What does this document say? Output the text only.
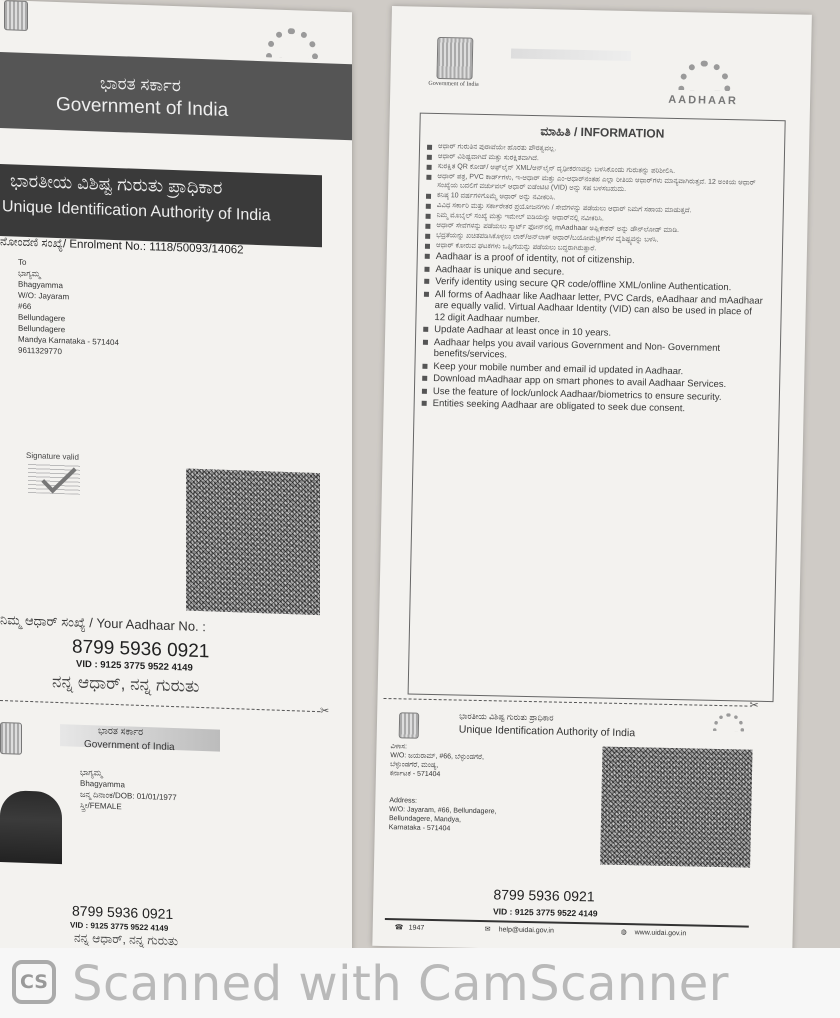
ಭಾರತ ಸರ್ಕಾರ
Government of India
ಭಾರತೀಯ ವಿಶಿಷ್ಟ ಗುರುತು ಪ್ರಾಧಿಕಾರ
Unique Identification Authority of India
ನೋಂದಣಿ ಸಂಖ್ಯೆ/ Enrolment No.: 1118/50093/14062
To
ಭಾಗ್ಯಮ್ಮ
Bhagyamma
W/O: Jayaram
#66
Bellundagere
Bellundagere
Mandya Karnataka - 571404
9611329770
Signature valid
ನಿಮ್ಮ ಆಧಾರ್ ಸಂಖ್ಯೆ / Your Aadhaar No. :
8799 5936 0921
VID : 9125 3775 9522 4149
ನನ್ನ ಆಧಾರ್, ನನ್ನ ಗುರುತು
✂
ಭಾರತ ಸರ್ಕಾರ
Government of India
ಭಾಗ್ಯಮ್ಮ
Bhagyamma
ಜನ್ಮ ದಿನಾಂಕ/DOB: 01/01/1977
ಸ್ತ್ರೀ/FEMALE
8799 5936 0921
VID : 9125 3775 9522 4149
ನನ್ನ ಆಧಾರ್, ನನ್ನ ಗುರುತು
Government of India
AADHAAR
ಮಾಹಿತಿ / INFORMATION
ಆಧಾರ್ ಗುರುತಿನ ಪುರಾವೆಯೇ ಹೊರತು ಪೌರತ್ವವಲ್ಲ.
ಆಧಾರ್ ವಿಶಿಷ್ಟವಾಗಿದೆ ಮತ್ತು ಸುರಕ್ಷಿತವಾಗಿದೆ.
ಸುರಕ್ಷಿತ QR ಕೋಡ್/ ಆಫ್‌ಲೈನ್ XML/ಆನ್‌ಲೈನ್ ದೃಢೀಕರಣವನ್ನು ಬಳಸಿಕೊಂಡು ಗುರುತನ್ನು ಪರಿಶೀಲಿಸಿ.
ಆಧಾರ್ ಪತ್ರ, PVC ಕಾರ್ಡ್‌ಗಳು, ಇ-ಆಧಾರ್ ಮತ್ತು ಎಂ-ಆಧಾರ್‌ನಂತಹ ಎಲ್ಲಾ ರೀತಿಯ ಆಧಾರ್‌ಗಳು ಮಾನ್ಯವಾಗಿರುತ್ತವೆ. 12 ಅಂಕಿಯ ಆಧಾರ್ ಸಂಖ್ಯೆಯ ಬದಲಿಗೆ ವರ್ಚುವಲ್ ಆಧಾರ್ ಐಡೆಂಟಿಟಿ (VID) ಅನ್ನು ಸಹ ಬಳಸಬಹುದು.
ಕನಿಷ್ಠ 10 ವರ್ಷಗಳಿಗೊಮ್ಮೆ ಆಧಾರ್ ಅನ್ನು ನವೀಕರಿಸಿ.
ವಿವಿಧ ಸರ್ಕಾರಿ ಮತ್ತು ಸರ್ಕಾರೇತರ ಪ್ರಯೋಜನಗಳು / ಸೇವೆಗಳನ್ನು ಪಡೆಯಲು ಆಧಾರ್ ನಿಮಗೆ ಸಹಾಯ ಮಾಡುತ್ತದೆ.
ನಿಮ್ಮ ಮೊಬೈಲ್ ಸಂಖ್ಯೆ ಮತ್ತು ಇಮೇಲ್ ಐಡಿಯನ್ನು ಆಧಾರ್‌ನಲ್ಲಿ ನವೀಕರಿಸಿ.
ಆಧಾರ್ ಸೇವೆಗಳನ್ನು ಪಡೆಯಲು ಸ್ಮಾರ್ಟ್ ಫೋನ್‌ನಲ್ಲಿ mAadhaar ಅಪ್ಲಿಕೇಶನ್ ಅನ್ನು ಡೌನ್‌ಲೋಡ್ ಮಾಡಿ.
ಭದ್ರತೆಯನ್ನು ಖಚಿತಪಡಿಸಿಕೊಳ್ಳಲು ಲಾಕ್/ಅನ್‌ಲಾಕ್ ಆಧಾರ್/ಬಯೋಮೆಟ್ರಿಕ್‌ಗಳ ವೈಶಿಷ್ಟ್ಯವನ್ನು ಬಳಸಿ.
ಆಧಾರ್ ಕೋರುವ ಘಟಕಗಳು ಒಪ್ಪಿಗೆಯನ್ನು ಪಡೆಯಲು ಬದ್ಧರಾಗಿರುತ್ತಾರೆ.
Aadhaar is a proof of identity, not of citizenship.
Aadhaar is unique and secure.
Verify identity using secure QR code/offline XML/online Authentication.
All forms of Aadhaar like Aadhaar letter, PVC Cards, eAadhaar and mAadhaar are equally valid. Virtual Aadhaar Identity (VID) can also be used in place of 12 digit Aadhaar number.
Update Aadhaar at least once in 10 years.
Aadhaar helps you avail various Government and Non- Government benefits/services.
Keep your mobile number and email id updated in Aadhaar.
Download mAadhaar app on smart phones to avail Aadhaar Services.
Use the feature of lock/unlock Aadhaar/biometrics to ensure security.
Entities seeking Aadhaar are obligated to seek due consent.
✂
ಭಾರತೀಯ ವಿಶಿಷ್ಟ ಗುರುತು ಪ್ರಾಧಿಕಾರ
Unique Identification Authority of India
ವಿಳಾಸ:
W/O: ಜಯರಾಮ್, #66, ಬೆಳ್ಳುಂಡಗೆರೆ,
ಬೆಳ್ಳುಂಡಗೆರೆ, ಮಂಡ್ಯ,
ಕರ್ನಾಟಕ - 571404
Address:
W/O: Jayaram, #66, Bellundagere,
Bellundagere, Mandya,
Karnataka - 571404
8799 5936 0921
VID : 9125 3775 9522 4149
☎ 1947	✉ help@uidai.gov.in	◍ www.uidai.gov.in
CS Scanned with CamScanner
